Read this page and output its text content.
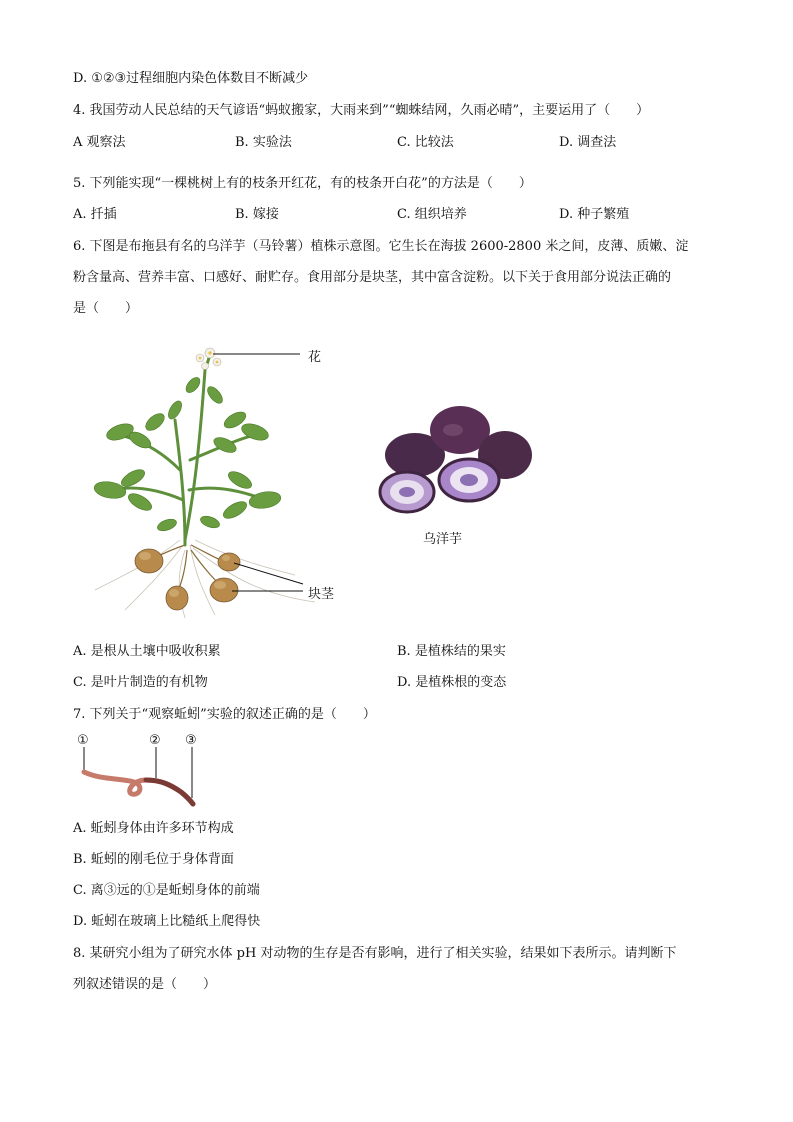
D. ①②③过程细胞内染色体数目不断减少
4. 我国劳动人民总结的天气谚语“蚂蚁搬家，大雨来到”“蜘蛛结网，久雨必晴”，主要运用了（　　）
A 观察法	B. 实验法	C. 比较法	D. 调查法
5. 下列能实现“一棵桃树上有的枝条开红花，有的枝条开白花”的方法是（　　）
A. 扦插	B. 嫁接	C. 组织培养	D. 种子繁殖
6. 下图是布拖县有名的乌洋芋（马铃薯）植株示意图。它生长在海拔 2600-2800 米之间，皮薄、质嫩、淀
粉含量高、营养丰富、口感好、耐贮存。食用部分是块茎，其中富含淀粉。以下关于食用部分说法正确的
是（　　）
花
块茎
乌洋芋
A. 是根从土壤中吸收积累	B. 是植株结的果实
C. 是叶片制造的有机物	D. 是植株根的变态
7. 下列关于“观察蚯蚓”实验的叙述正确的是（　　）
①	② ③
A. 蚯蚓身体由许多环节构成
B. 蚯蚓的刚毛位于身体背面
C. 离③远的①是蚯蚓身体的前端
D. 蚯蚓在玻璃上比糙纸上爬得快
8. 某研究小组为了研究水体 pH 对动物的生存是否有影响，进行了相关实验，结果如下表所示。请判断下
列叙述错误的是（　　）
